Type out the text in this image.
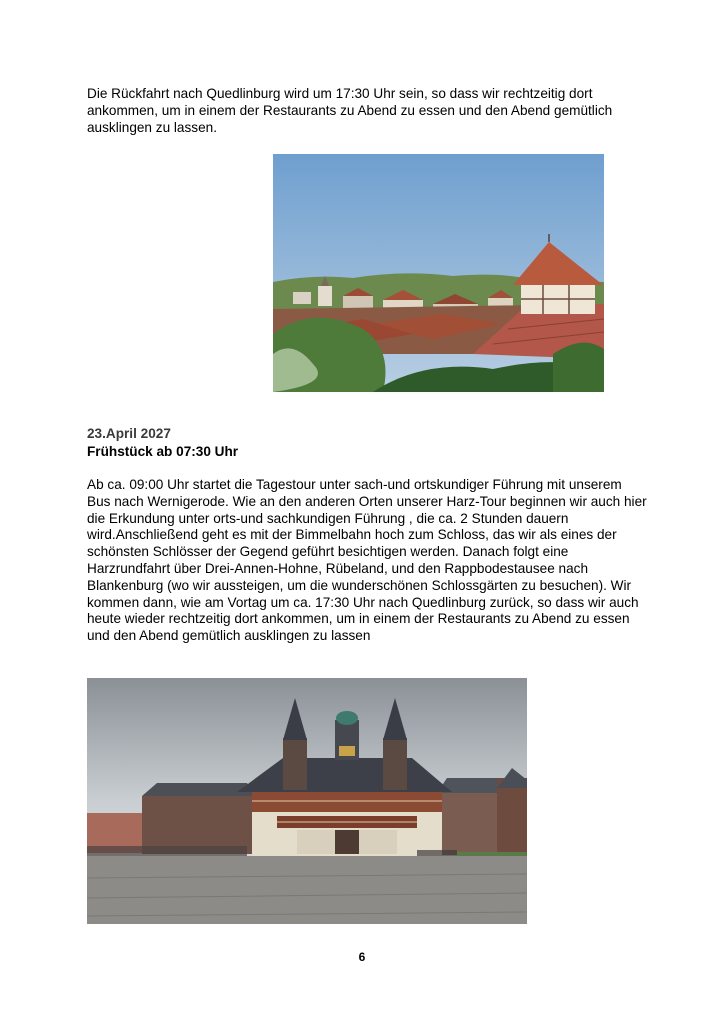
Die Rückfahrt nach Quedlinburg wird um 17:30 Uhr sein, so dass wir rechtzeitig dort ankommen, um in einem der Restaurants zu Abend zu essen und den Abend gemütlich ausklingen zu lassen.

23.April 2027

Frühstück ab 07:30 Uhr

Ab ca. 09:00 Uhr startet die Tagestour unter sach-und ortskundiger Führung mit unserem Bus nach Wernigerode. Wie an den anderen Orten unserer Harz-Tour beginnen wir auch hier die Erkundung unter orts-und sachkundigen Führung , die ca. 2 Stunden dauern wird.Anschließend geht es mit der Bimmelbahn hoch zum Schloss, das wir als eines der schönsten Schlösser der Gegend geführt besichtigen werden. Danach folgt eine Harzrundfahrt über Drei-Annen-Hohne, Rübeland, und den Rappbodestausee nach Blankenburg (wo wir aussteigen, um die wunderschönen Schlossgärten zu besuchen). Wir kommen dann, wie am Vortag um ca. 17:30 Uhr nach Quedlinburg zurück, so dass wir auch heute wieder rechtzeitig dort ankommen, um in einem der Restaurants zu Abend zu essen und den Abend gemütlich ausklingen zu lassen

6
